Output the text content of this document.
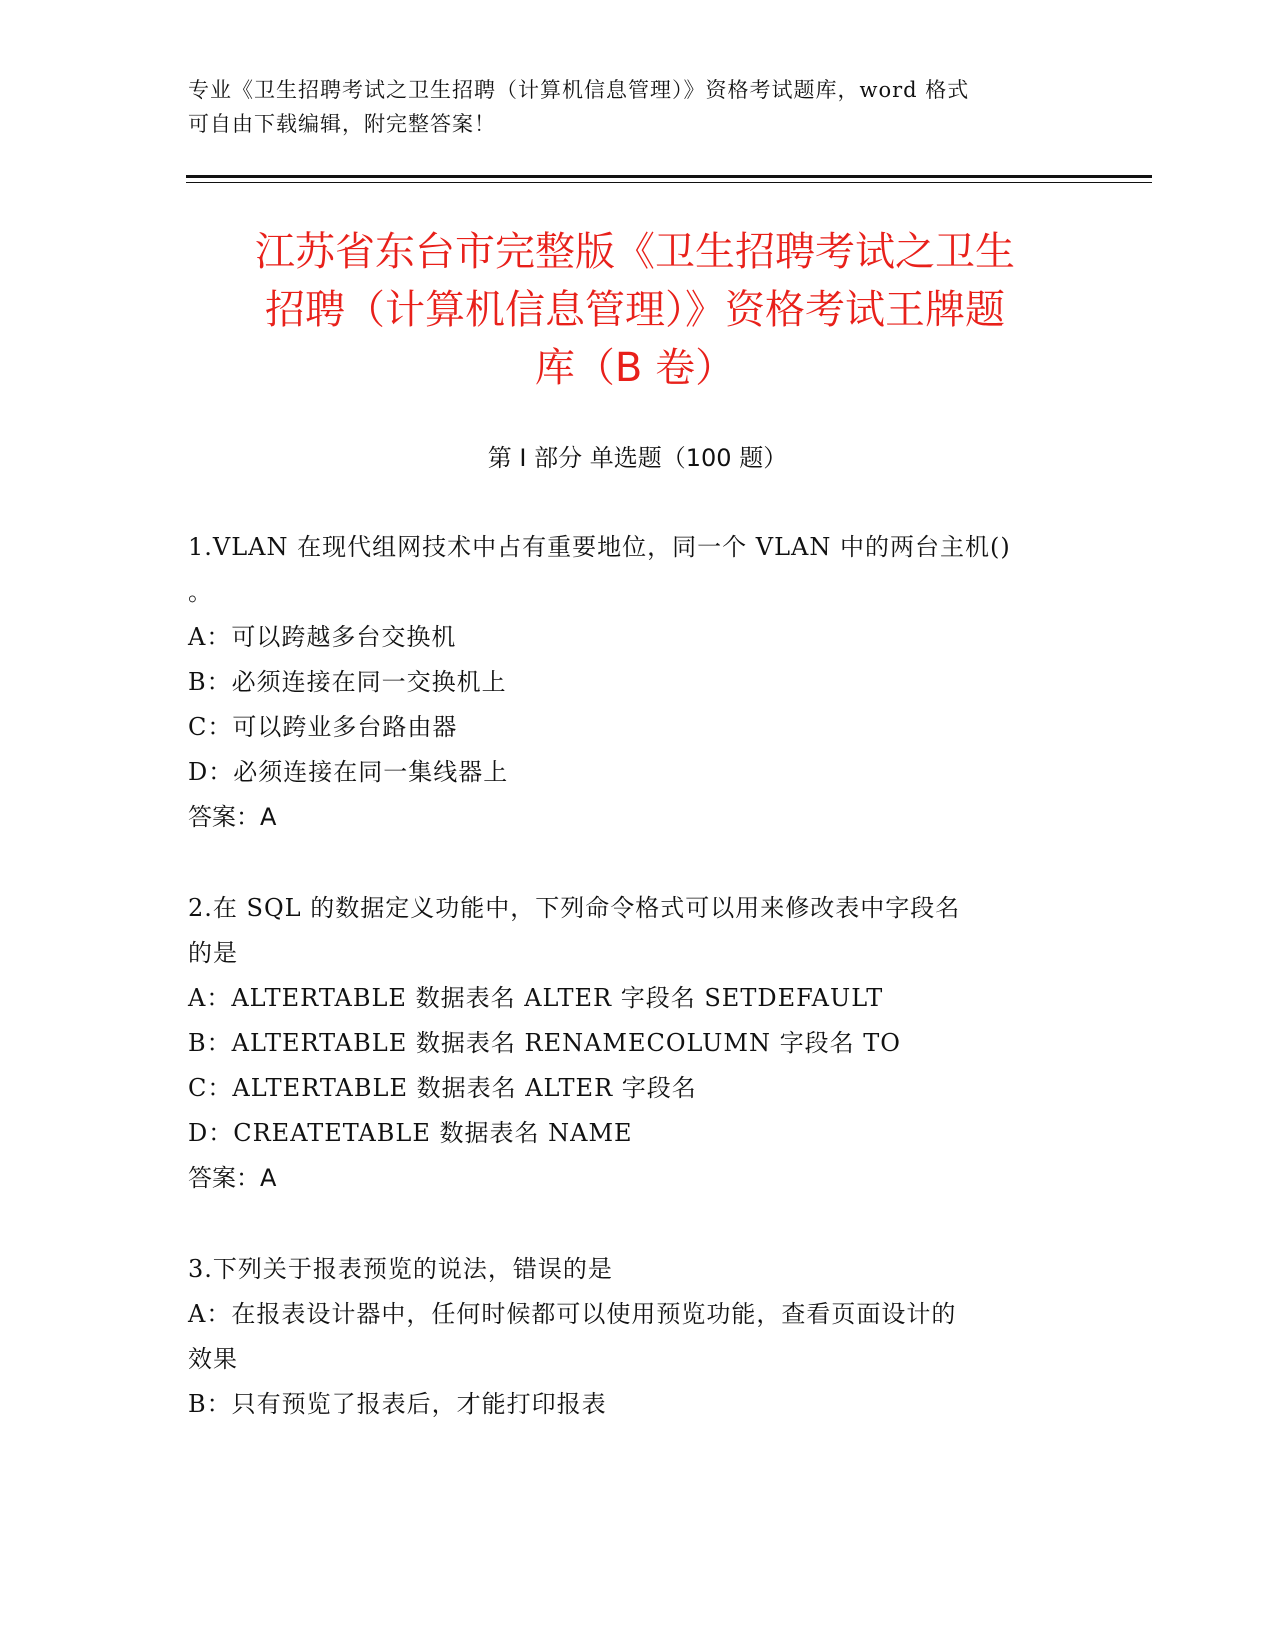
专业《卫生招聘考试之卫生招聘（计算机信息管理）》资格考试题库，word 格式
可自由下载编辑，附完整答案！
江苏省东台市完整版《卫生招聘考试之卫生
招聘（计算机信息管理）》资格考试王牌题
库（B 卷）
第 I 部分 单选题（100 题）
1.VLAN 在现代组网技术中占有重要地位，同一个 VLAN 中的两台主机()
。
A：可以跨越多台交换机
B：必须连接在同一交换机上
C：可以跨业多台路由器
D：必须连接在同一集线器上
答案：A
2.在 SQL 的数据定义功能中，下列命令格式可以用来修改表中字段名
的是
A：ALTERTABLE 数据表名 ALTER 字段名 SETDEFAULT
B：ALTERTABLE 数据表名 RENAMECOLUMN 字段名 TO
C：ALTERTABLE 数据表名 ALTER 字段名
D：CREATETABLE 数据表名 NAME
答案：A
3.下列关于报表预览的说法，错误的是
A：在报表设计器中，任何时候都可以使用预览功能，查看页面设计的
效果
B：只有预览了报表后，才能打印报表
